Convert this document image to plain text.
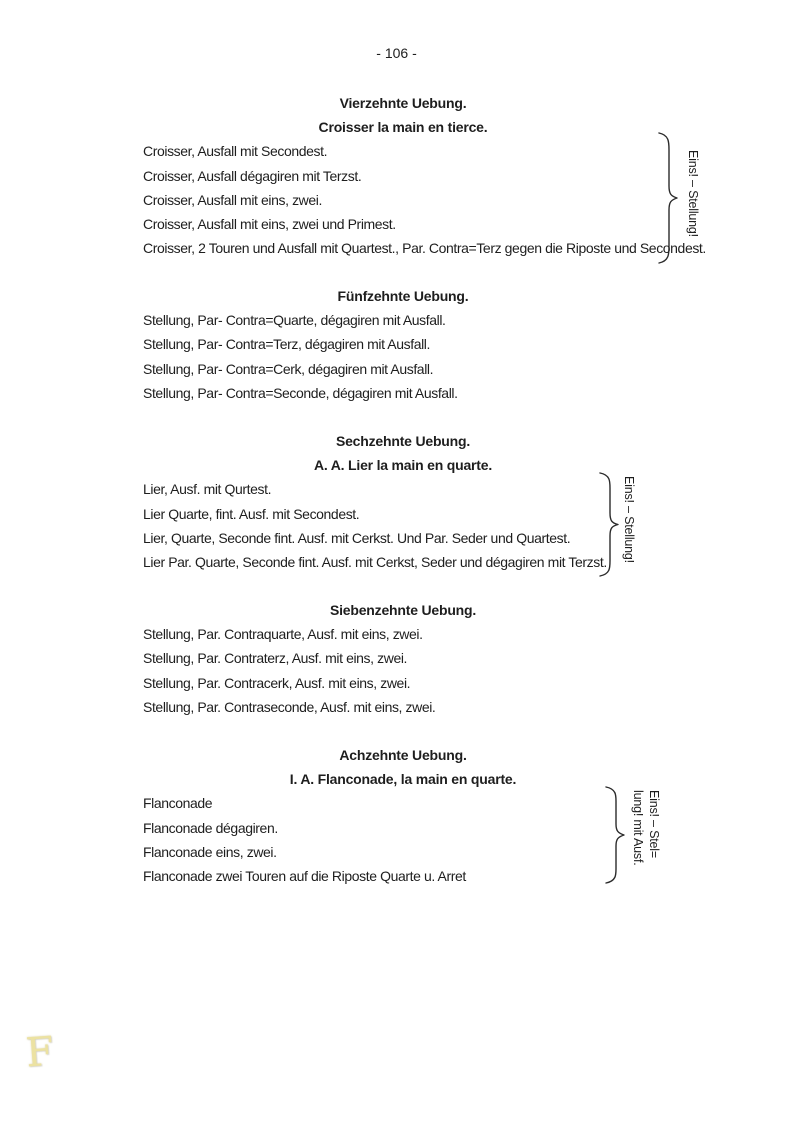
- 106 -
Vierzehnte Uebung.
Croisser la main en tierce.
Croisser, Ausfall mit Secondest.
Croisser, Ausfall dégagiren mit Terzst.
Croisser, Ausfall mit eins, zwei.
Croisser, Ausfall mit eins, zwei und Primest.
Croisser, 2 Touren und Ausfall mit Quartest., Par. Contra=Terz gegen die Riposte und Secondest.
Fünfzehnte Uebung.
Stellung, Par- Contra=Quarte, dégagiren mit Ausfall.
Stellung, Par- Contra=Terz, dégagiren mit Ausfall.
Stellung, Par- Contra=Cerk, dégagiren mit Ausfall.
Stellung, Par- Contra=Seconde, dégagiren mit Ausfall.
Sechzehnte Uebung.
A. A. Lier la main en quarte.
Lier, Ausf. mit Qurtest.
Lier Quarte, fint. Ausf. mit Secondest.
Lier, Quarte, Seconde fint. Ausf. mit Cerkst. Und Par. Seder und Quartest.
Lier Par. Quarte, Seconde fint. Ausf. mit Cerkst, Seder und dégagiren mit Terzst.
Siebenzehnte Uebung.
Stellung, Par. Contraquarte, Ausf. mit eins, zwei.
Stellung, Par. Contraterz, Ausf. mit eins, zwei.
Stellung, Par. Contracerk, Ausf. mit eins, zwei.
Stellung, Par. Contraseconde, Ausf. mit eins, zwei.
Achzehnte Uebung.
I. A. Flanconade, la main en quarte.
Flanconade
Flanconade dégagiren.
Flanconade eins, zwei.
Flanconade zwei Touren auf die Riposte Quarte u. Arret
Eins! – Stellung!
Eins! – Stellung!
Eins! – Stel=
lung! mit Ausf.
F
